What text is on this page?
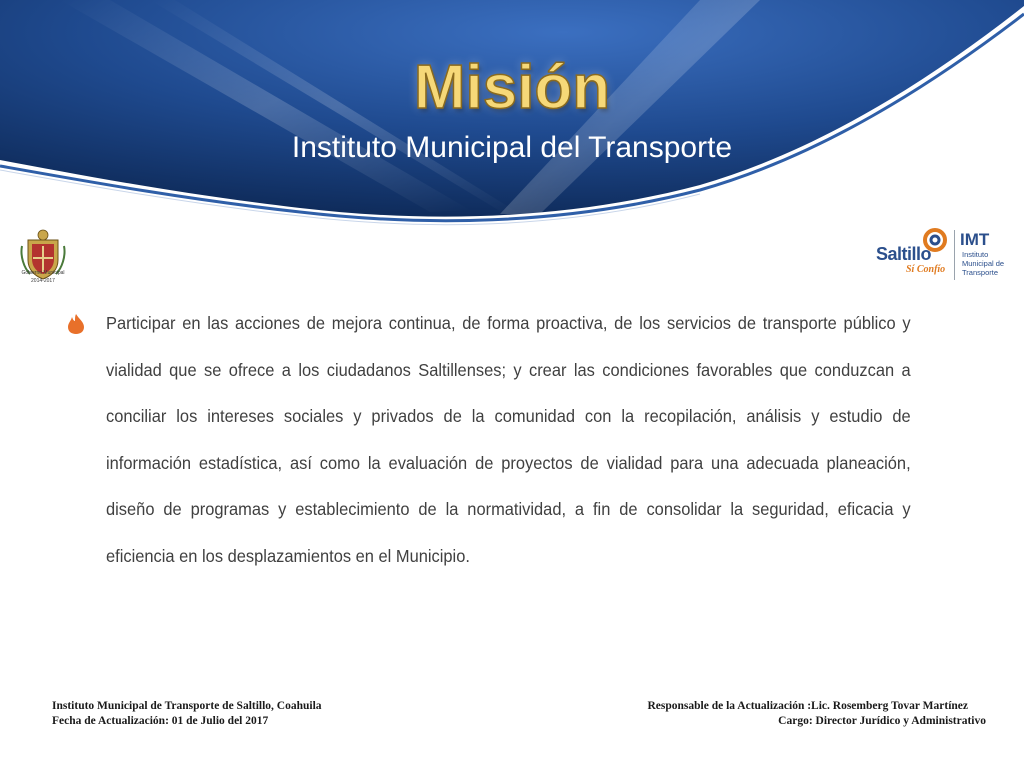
Misión
Instituto Municipal del Transporte
Gobierno Municipal
2014-2017
Saltillo
Sí Confío
IMT
Instituto
Municipal de
Transporte

Participar en las acciones de mejora continua, de forma proactiva, de los servicios de transporte público y vialidad que se ofrece a los ciudadanos Saltillenses; y crear las condiciones favorables que conduzcan a conciliar los intereses sociales y privados de la comunidad con la recopilación, análisis y estudio de información estadística, así como la evaluación de proyectos de vialidad para una adecuada planeación, diseño de programas y establecimiento de la normatividad, a fin de consolidar la seguridad, eficacia y eficiencia en los desplazamientos en el Municipio.

Instituto Municipal de Transporte de Saltillo, Coahuila
Fecha de Actualización: 01 de Julio del 2017
Responsable de la Actualización :Lic. Rosemberg Tovar Martínez
Cargo: Director Jurídico y Administrativo
